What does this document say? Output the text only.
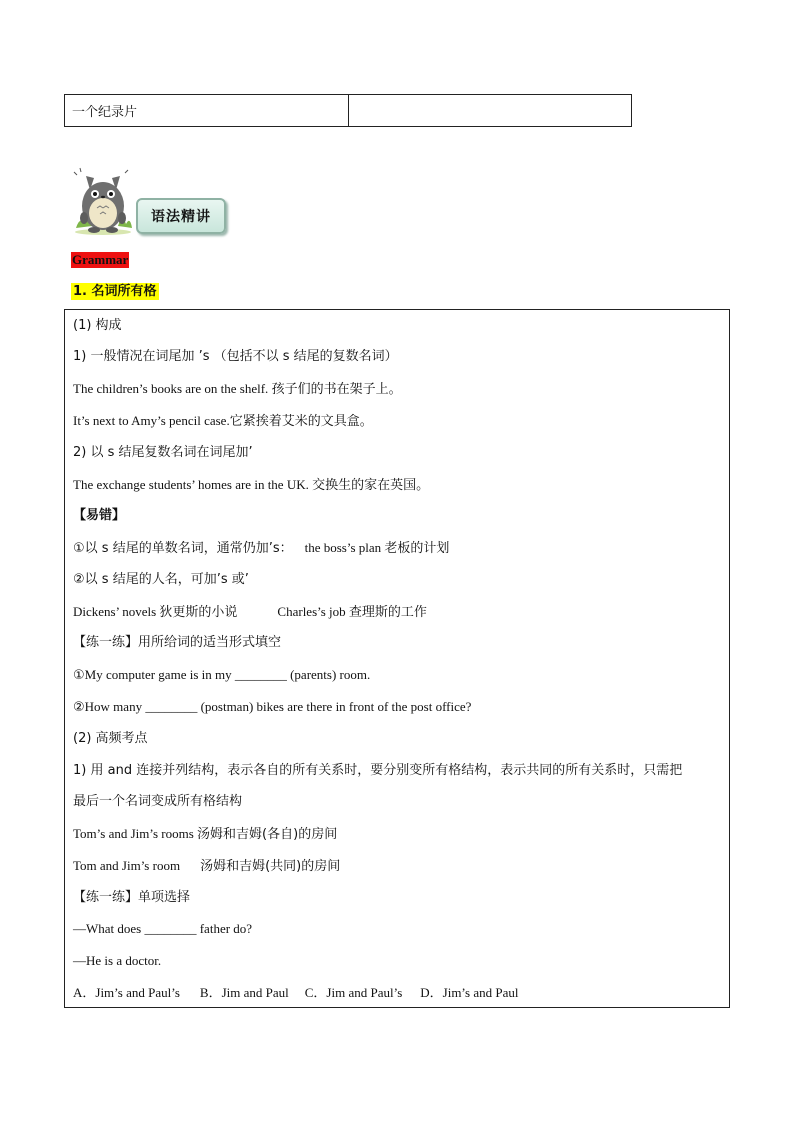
一个纪录片
语法精讲
Grammar
1. 名词所有格
(1) 构成
1) 一般情况在词尾加 ’s （包括不以 s 结尾的复数名词）
The children’s books are on the shelf. 孩子们的书在架子上。
It’s next to Amy’s pencil case.它紧挨着艾米的文具盒。
2) 以 s 结尾复数名词在词尾加’
The exchange students’ homes are in the UK. 交换生的家在英国。
【易错】
①以 s 结尾的单数名词，通常仍加’s： the boss’s plan 老板的计划
②以 s 结尾的人名，可加’s 或’
Dickens’ novels 狄更斯的小说	Charles’s job 查理斯的工作
【练一练】用所给词的适当形式填空
①My computer game is in my ________ (parents) room.
②How many ________ (postman) bikes are there in front of the post office?
(2) 高频考点
1) 用 and 连接并列结构，表示各自的所有关系时，要分别变所有格结构，表示共同的所有关系时，只需把
最后一个名词变成所有格结构
Tom’s and Jim’s rooms 汤姆和吉姆(各自)的房间
Tom and Jim’s room 汤姆和吉姆(共同)的房间
【练一练】单项选择
—What does ________ father do?
—He is a doctor.
A．Jim’s and Paul’s B．Jim and Paul C．Jim and Paul’s D．Jim’s and Paul
